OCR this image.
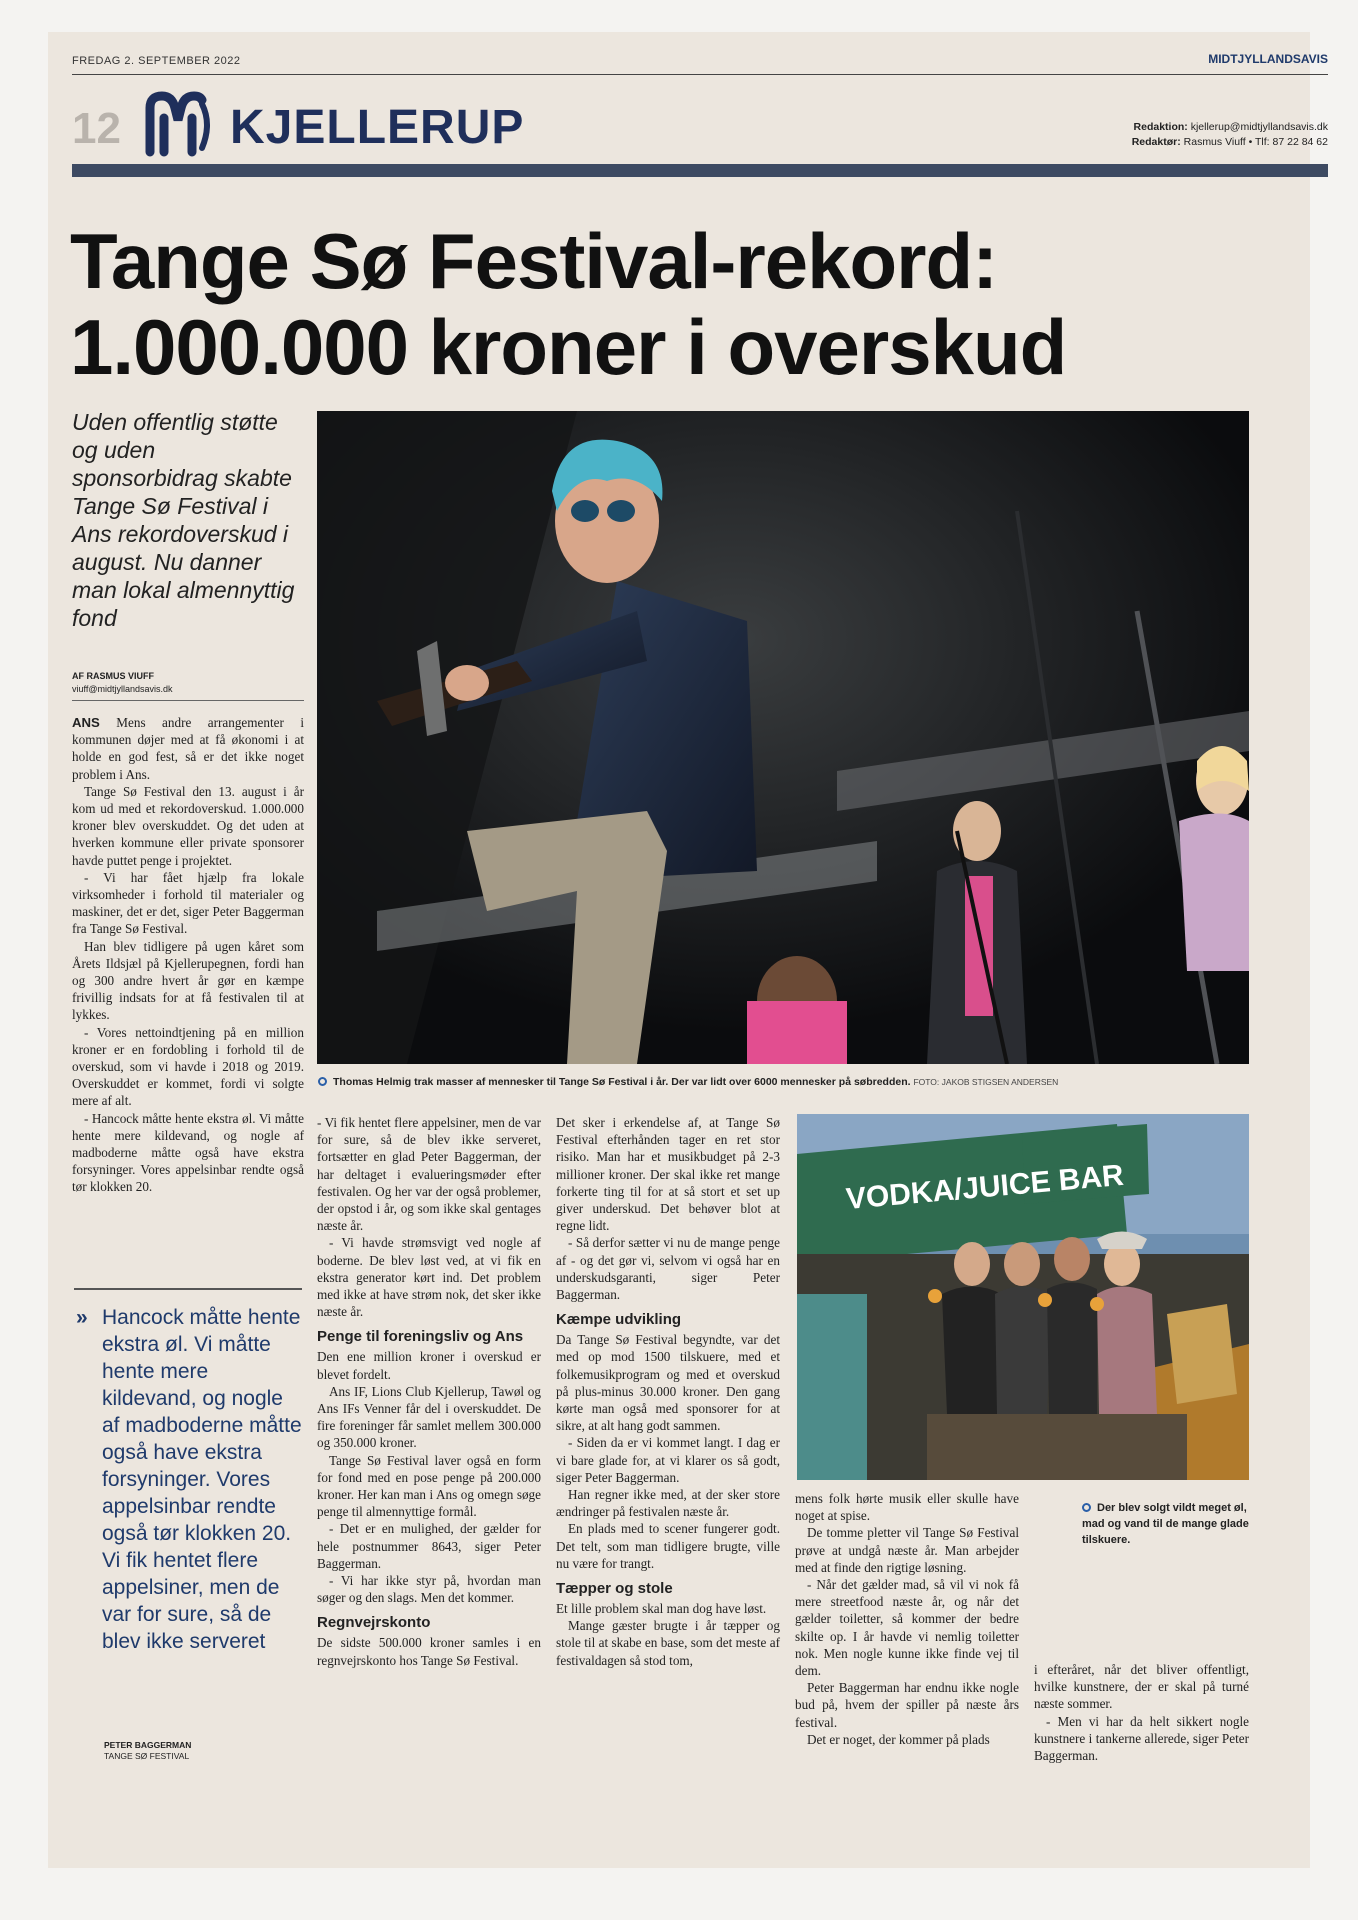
FREDAG 2. SEPTEMBER 2022	MIDTJYLLANDSAVIS
12 KJELLERUP	Redaktion: kjellerup@midtjyllandsavis.dk
Redaktør: Rasmus Viuff • Tlf: 87 22 84 62
Tange Sø Festival-rekord:
1.000.000 kroner i overskud
Uden offentlig støtte og uden sponsorbidrag skabte Tange Sø Festival i Ans rekordoverskud i august. Nu danner man lokal almennyttig fond
AF RASMUS VIUFF
viuff@midtjyllandsavis.dk
Thomas Helmig trak masser af mennesker til Tange Sø Festival i år. Der var lidt over 6000 mennesker på søbredden. FOTO: JAKOB STIGSEN ANDERSEN

ANS Mens andre arrangementer i kommunen døjer med at få økonomi i at holde en god fest, så er det ikke noget problem i Ans.

Tange Sø Festival den 13. august i år kom ud med et rekordoverskud. 1.000.000 kroner blev overskuddet. Og det uden at hverken kommune eller private sponsorer havde puttet penge i projektet.

- Vi har fået hjælp fra lokale virksomheder i forhold til materialer og maskiner, det er det, siger Peter Baggerman fra Tange Sø Festival.

Han blev tidligere på ugen kåret som Årets Ildsjæl på Kjellerupegnen, fordi han og 300 andre hvert år gør en kæmpe frivillig indsats for at få festivalen til at lykkes.

- Vores nettoindtjening på en million kroner er en fordobling i forhold til de overskud, som vi havde i 2018 og 2019. Overskuddet er kommet, fordi vi solgte mere af alt.

- Hancock måtte hente ekstra øl. Vi måtte hente mere kildevand, og nogle af madboderne måtte også have ekstra forsyninger. Vores appelsinbar rendte også tør klokken 20.

» Hancock måtte hente ekstra øl. Vi måtte hente mere kildevand, og nogle af madboderne måtte også have ekstra forsyninger. Vores appelsinbar rendte også tør klokken 20. Vi fik hentet flere appelsiner, men de var for sure, så de blev ikke serveret
PETER BAGGERMAN
TANGE SØ FESTIVAL

- Vi fik hentet flere appelsiner, men de var for sure, så de blev ikke serveret, fortsætter en glad Peter Baggerman, der har deltaget i evalueringsmøder efter festivalen. Og her var der også problemer, der opstod i år, og som ikke skal gentages næste år.

- Vi havde strømsvigt ved nogle af boderne. De blev løst ved, at vi fik en ekstra generator kørt ind. Det problem med ikke at have strøm nok, det sker ikke næste år.

Penge til foreningsliv og Ans

Den ene million kroner i overskud er blevet fordelt.

Ans IF, Lions Club Kjellerup, Tawøl og Ans IFs Venner får del i overskuddet. De fire foreninger får samlet mellem 300.000 og 350.000 kroner.

Tange Sø Festival laver også en form for fond med en pose penge på 200.000 kroner. Her kan man i Ans og omegn søge penge til almennyttige formål.

- Det er en mulighed, der gælder for hele postnummer 8643, siger Peter Baggerman.

- Vi har ikke styr på, hvordan man søger og den slags. Men det kommer.

Regnvejrskonto

De sidste 500.000 kroner samles i en regnvejrskonto hos Tange Sø Festival.

Det sker i erkendelse af, at Tange Sø Festival efterhånden tager en ret stor risiko. Man har et musikbudget på 2-3 millioner kroner. Der skal ikke ret mange forkerte ting til for at så stort et set up giver underskud. Det behøver blot at regne lidt.

- Så derfor sætter vi nu de mange penge af - og det gør vi, selvom vi også har en underskudsgaranti, siger Peter Baggerman.

Kæmpe udvikling

Da Tange Sø Festival begyndte, var det med op mod 1500 tilskuere, med et folkemusikprogram og med et overskud på plus-minus 30.000 kroner. Den gang kørte man også med sponsorer for at sikre, at alt hang godt sammen.

- Siden da er vi kommet langt. I dag er vi bare glade for, at vi klarer os så godt, siger Peter Baggerman.

Han regner ikke med, at der sker store ændringer på festivalen næste år.

En plads med to scener fungerer godt. Det telt, som man tidligere brugte, ville nu være for trangt.

Tæpper og stole

Et lille problem skal man dog have løst.

Mange gæster brugte i år tæpper og stole til at skabe en base, som det meste af festivaldagen så stod tom,

VODKA/JUICE BAR
Der blev solgt vildt meget øl, mad og vand til de mange glade tilskuere.

mens folk hørte musik eller skulle have noget at spise.

De tomme pletter vil Tange Sø Festival prøve at undgå næste år. Man arbejder med at finde den rigtige løsning.

- Når det gælder mad, så vil vi nok få mere streetfood næste år, og når det gælder toiletter, så kommer der bedre skilte op. I år havde vi nemlig toiletter nok. Men nogle kunne ikke finde vej til dem.

Peter Baggerman har endnu ikke nogle bud på, hvem der spiller på næste års festival.

Det er noget, der kommer på plads

i efteråret, når det bliver offentligt, hvilke kunstnere, der er skal på turné næste sommer.

- Men vi har da helt sikkert nogle kunstnere i tankerne allerede, siger Peter Baggerman.
